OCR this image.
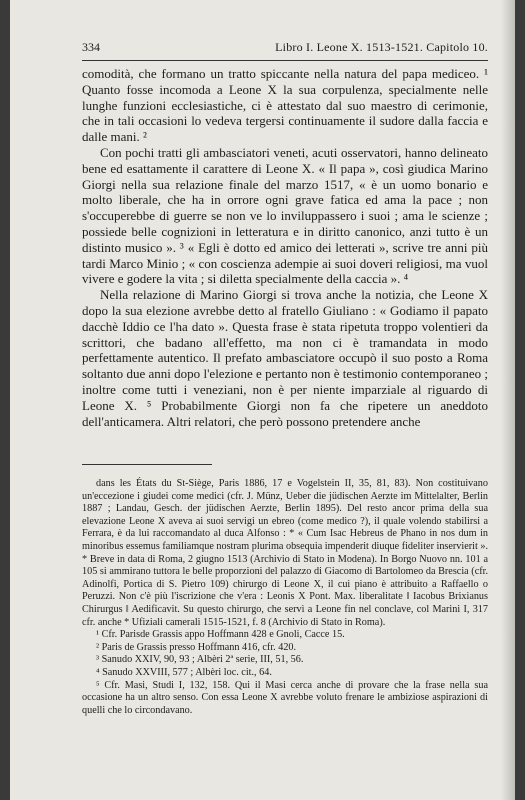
334	Libro I. Leone X. 1513-1521. Capitolo 10.

comodità, che formano un tratto spiccante nella natura del papa mediceo. ¹ Quanto fosse incomoda a Leone X la sua corpulenza, specialmente nelle lunghe funzioni ecclesiastiche, ci è attestato dal suo maestro di cerimonie, che in tali occasioni lo vedeva tergersi continuamente il sudore dalla faccia e dalle mani. ²

Con pochi tratti gli ambasciatori veneti, acuti osservatori, hanno delineato bene ed esattamente il carattere di Leone X. « Il papa », così giudica Marino Giorgi nella sua relazione finale del marzo 1517, « è un uomo bonario e molto liberale, che ha in orrore ogni grave fatica ed ama la pace ; non s'occuperebbe di guerre se non ve lo inviluppassero i suoi ; ama le scienze ; possiede belle cognizioni in letteratura e in diritto canonico, anzi tutto è un distinto musico ». ³ « Egli è dotto ed amico dei letterati », scrive tre anni più tardi Marco Minio ; « con coscienza adempie ai suoi doveri religiosi, ma vuol vivere e godere la vita ; si diletta specialmente della caccia ». ⁴

Nella relazione di Marino Giorgi si trova anche la notizia, che Leone X dopo la sua elezione avrebbe detto al fratello Giuliano : « Godiamo il papato dacchè Iddio ce l'ha dato ». Questa frase è stata ripetuta troppo volentieri da scrittori, che badano all'effetto, ma non ci è tramandata in modo perfettamente autentico. Il prefato ambasciatore occupò il suo posto a Roma soltanto due anni dopo l'elezione e pertanto non è testimonio contemporaneo ; inoltre come tutti i veneziani, non è per niente imparziale al riguardo di Leone X. ⁵ Probabilmente Giorgi non fa che ripetere un aneddoto dell'anticamera. Altri relatori, che però possono pretendere anche

dans les États du St-Siège, Paris 1886, 17 e Vogelstein II, 35, 81, 83). Non costituivano un'eccezione i giudei come medici (cfr. J. Münz, Ueber die jüdischen Aerzte im Mittelalter, Berlin 1887 ; Landau, Gesch. der jüdischen Aerzte, Berlin 1895). Del resto ancor prima della sua elevazione Leone X aveva ai suoi servigi un ebreo (come medico ?), il quale volendo stabilirsi a Ferrara, è da lui raccomandato al duca Alfonso : * « Cum Isac Hebreus de Phano in nos dum in minoribus essemus familiamque nostram plurima obsequia impenderit diuque fideliter inservierit ». * Breve in data di Roma, 2 giugno 1513 (Archivio di Stato in Modena). In Borgo Nuovo nn. 101 a 105 si ammirano tuttora le belle proporzioni del palazzo di Giacomo di Bartolomeo da Brescia (cfr. Adinolfi, Portica di S. Pietro 109) chirurgo di Leone X, il cui piano è attribuito a Raffaello o Peruzzi. Non c'è più l'iscrizione che v'era : Leonis X Pont. Max. liberalitate ‖ Iacobus Brixianus Chirurgus ‖ Aedificavit. Su questo chirurgo, che servì a Leone fin nel conclave, col Marini I, 317 cfr. anche * Ufiziali camerali 1515-1521, f. 8 (Archivio di Stato in Roma).

¹ Cfr. Parisde Grassis appo Hoffmann 428 e Gnoli, Cacce 15.

² Paris de Grassis presso Hoffmann 416, cfr. 420.

³ Sanudo XXIV, 90, 93 ; Albèri 2ª serie, III, 51, 56.

⁴ Sanudo XXVIII, 577 ; Albèri loc. cit., 64.

⁵ Cfr. Masi, Studi I, 132, 158. Qui il Masi cerca anche di provare che la frase nella sua occasione ha un altro senso. Con essa Leone X avrebbe voluto frenare le ambiziose aspirazioni di quelli che lo circondavano.
